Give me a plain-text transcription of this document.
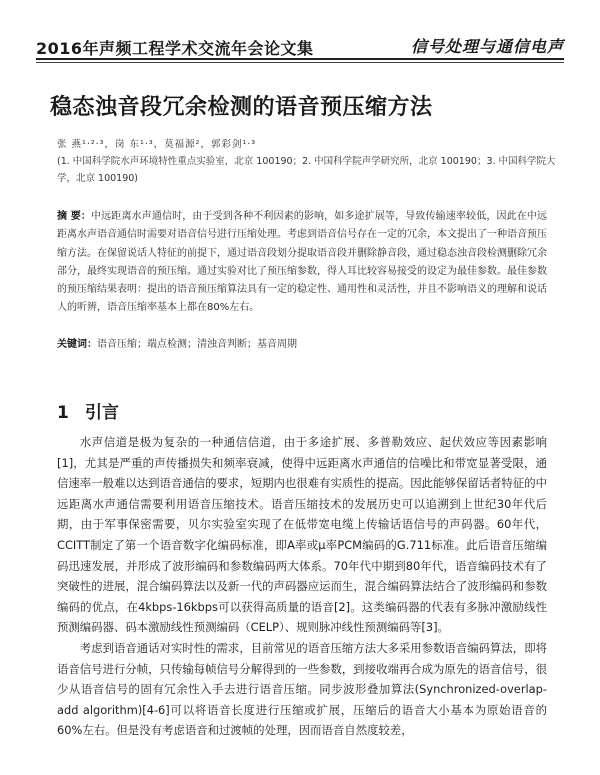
2016年声频工程学术交流年会论文集	信号处理与通信电声
稳态浊音段冗余检测的语音预压缩方法
张 燕¹·²·³，岗 东¹·³，莫福源²，郭彩剑¹·³
(1. 中国科学院水声环境特性重点实验室，北京 100190；2. 中国科学院声学研究所，北京 100190；3. 中国科学院大学，北京 100190)
摘 要：中远距离水声通信时，由于受到各种不利因素的影响，如多途扩展等，导致传输速率较低，因此在中远距离水声语音通信时需要对语音信号进行压缩处理。考虑到语音信号存在一定的冗余，本文提出了一种语音预压缩方法。在保留说话人特征的前提下，通过语音段划分提取语音段并删除静音段，通过稳态浊音段检测删除冗余部分，最终实现语音的预压缩。通过实验对比了预压缩参数，得人耳比较容易接受的设定为最佳参数。最佳参数的预压缩结果表明：提出的语音预压缩算法具有一定的稳定性、通用性和灵活性，并且不影响语义的理解和说话人的听辨，语音压缩率基本上都在80%左右。
关键词：语音压缩；端点检测；清浊音判断；基音周期
1 引言
水声信道是极为复杂的一种通信信道，由于多途扩展、多普勒效应、起伏效应等因素影响[1]，尤其是严重的声传播损失和频率衰减，使得中远距离水声通信的信噪比和带宽显著受限，通信速率一般难以达到语音通信的要求，短期内也很难有实质性的提高。因此能够保留话者特征的中远距离水声通信需要利用语音压缩技术。语音压缩技术的发展历史可以追溯到上世纪30年代后期，由于军事保密需要，贝尔实验室实现了在低带宽电缆上传输话语信号的声码器。60年代，CCITT制定了第一个语音数字化编码标准，即A率或μ率PCM编码的G.711标准。此后语音压缩编码迅速发展，并形成了波形编码和参数编码两大体系。70年代中期到80年代，语音编码技术有了突破性的进展，混合编码算法以及新一代的声码器应运而生，混合编码算法结合了波形编码和参数编码的优点，在4kbps-16kbps可以获得高质量的语音[2]。这类编码器的代表有多脉冲激励线性预测编码器、码本激励线性预测编码（CELP）、规则脉冲线性预测编码等[3]。
考虑到语音通话对实时性的需求，目前常见的语音压缩方法大多采用参数语音编码算法，即将语音信号进行分帧，只传输每帧信号分解得到的一些参数，到接收端再合成为原先的语音信号，很少从语音信号的固有冗余性入手去进行语音压缩。同步波形叠加算法(Synchronized-overlap-add algorithm)[4-6]可以将语音长度进行压缩或扩展，压缩后的语音大小基本为原始语音的60%左右。但是没有考虑语音和过渡帧的处理，因而语音自然度较差，
